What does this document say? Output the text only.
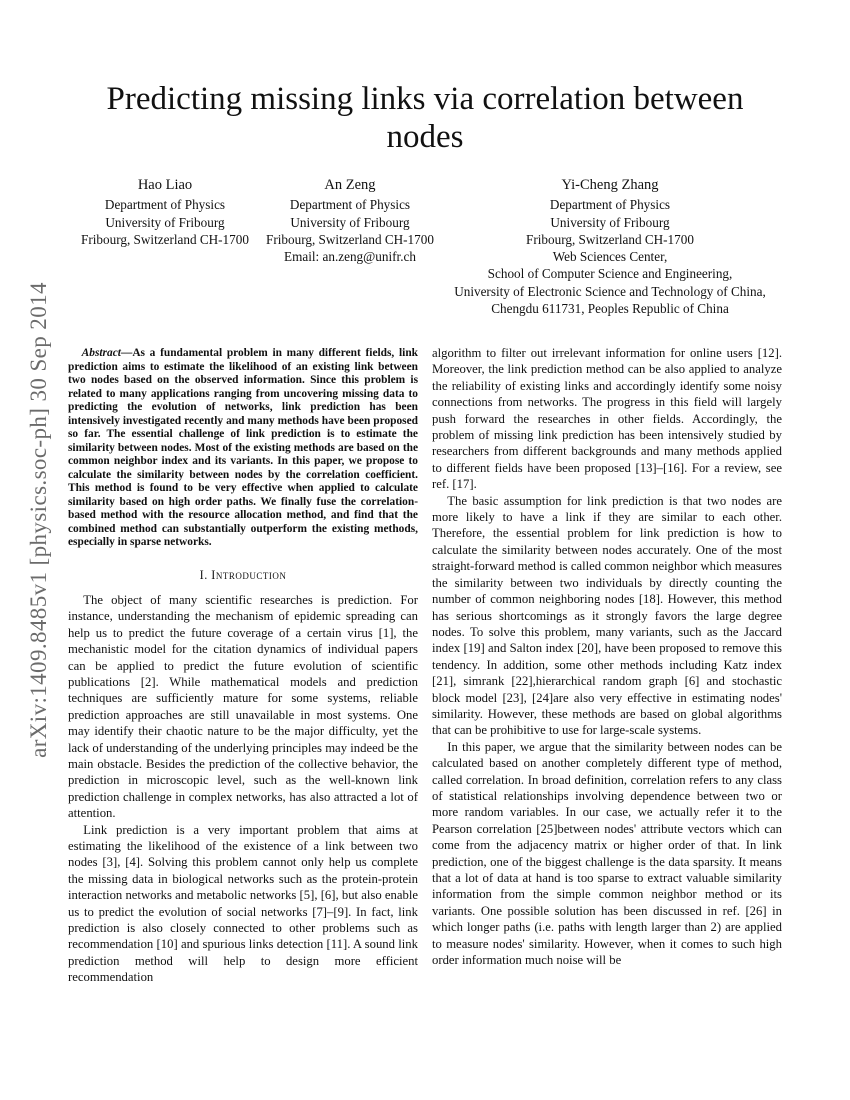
arXiv:1409.8485v1 [physics.soc-ph] 30 Sep 2014
Predicting missing links via correlation between nodes
Hao Liao
Department of Physics
University of Fribourg
Fribourg, Switzerland CH-1700
An Zeng
Department of Physics
University of Fribourg
Fribourg, Switzerland CH-1700
Email: an.zeng@unifr.ch
Yi-Cheng Zhang
Department of Physics
University of Fribourg
Fribourg, Switzerland CH-1700
Web Sciences Center,
School of Computer Science and Engineering,
University of Electronic Science and Technology of China,
Chengdu 611731, Peoples Republic of China

Abstract—As a fundamental problem in many different fields, link prediction aims to estimate the likelihood of an existing link between two nodes based on the observed information. Since this problem is related to many applications ranging from uncovering missing data to predicting the evolution of networks, link prediction has been intensively investigated recently and many methods have been proposed so far. The essential challenge of link prediction is to estimate the similarity between nodes. Most of the existing methods are based on the common neighbor index and its variants. In this paper, we propose to calculate the similarity between nodes by the correlation coefficient. This method is found to be very effective when applied to calculate similarity based on high order paths. We finally fuse the correlation-based method with the resource allocation method, and find that the combined method can substantially outperform the existing methods, especially in sparse networks.

I. Introduction

The object of many scientific researches is prediction. For instance, understanding the mechanism of epidemic spreading can help us to predict the future coverage of a certain virus [1], the mechanistic model for the citation dynamics of individual papers can be applied to predict the future evolution of scientific publications [2]. While mathematical models and prediction techniques are sufficiently mature for some systems, reliable prediction approaches are still unavailable in most systems. One may identify their chaotic nature to be the major difficulty, yet the lack of understanding of the underlying principles may indeed be the main obstacle. Besides the prediction of the collective behavior, the prediction in microscopic level, such as the well-known link prediction challenge in complex networks, has also attracted a lot of attention.

Link prediction is a very important problem that aims at estimating the likelihood of the existence of a link between two nodes [3], [4]. Solving this problem cannot only help us complete the missing data in biological networks such as the protein-protein interaction networks and metabolic networks [5], [6], but also enable us to predict the evolution of social networks [7]–[9]. In fact, link prediction is also closely connected to other problems such as recommendation [10] and spurious links detection [11]. A sound link prediction method will help to design more efficient recommendation

algorithm to filter out irrelevant information for online users [12]. Moreover, the link prediction method can be also applied to analyze the reliability of existing links and accordingly identify some noisy connections from networks. The progress in this field will largely push forward the researches in other fields. Accordingly, the problem of missing link prediction has been intensively studied by researchers from different backgrounds and many methods applied to different fields have been proposed [13]–[16]. For a review, see ref. [17].

The basic assumption for link prediction is that two nodes are more likely to have a link if they are similar to each other. Therefore, the essential problem for link prediction is how to calculate the similarity between nodes accurately. One of the most straight-forward method is called common neighbor which measures the similarity between two individuals by directly counting the number of common neighboring nodes [18]. However, this method has serious shortcomings as it strongly favors the large degree nodes. To solve this problem, many variants, such as the Jaccard index [19] and Salton index [20], have been proposed to remove this tendency. In addition, some other methods including Katz index [21], simrank [22],hierarchical random graph [6] and stochastic block model [23], [24]are also very effective in estimating nodes' similarity. However, these methods are based on global algorithms that can be prohibitive to use for large-scale systems.

In this paper, we argue that the similarity between nodes can be calculated based on another completely different type of method, called correlation. In broad definition, correlation refers to any class of statistical relationships involving dependence between two or more random variables. In our case, we actually refer it to the Pearson correlation [25]between nodes' attribute vectors which can come from the adjacency matrix or higher order of that. In link prediction, one of the biggest challenge is the data sparsity. It means that a lot of data at hand is too sparse to extract valuable similarity information from the simple common neighbor method or its variants. One possible solution has been discussed in ref. [26] in which longer paths (i.e. paths with length larger than 2) are applied to measure nodes' similarity. However, when it comes to such high order information much noise will be
